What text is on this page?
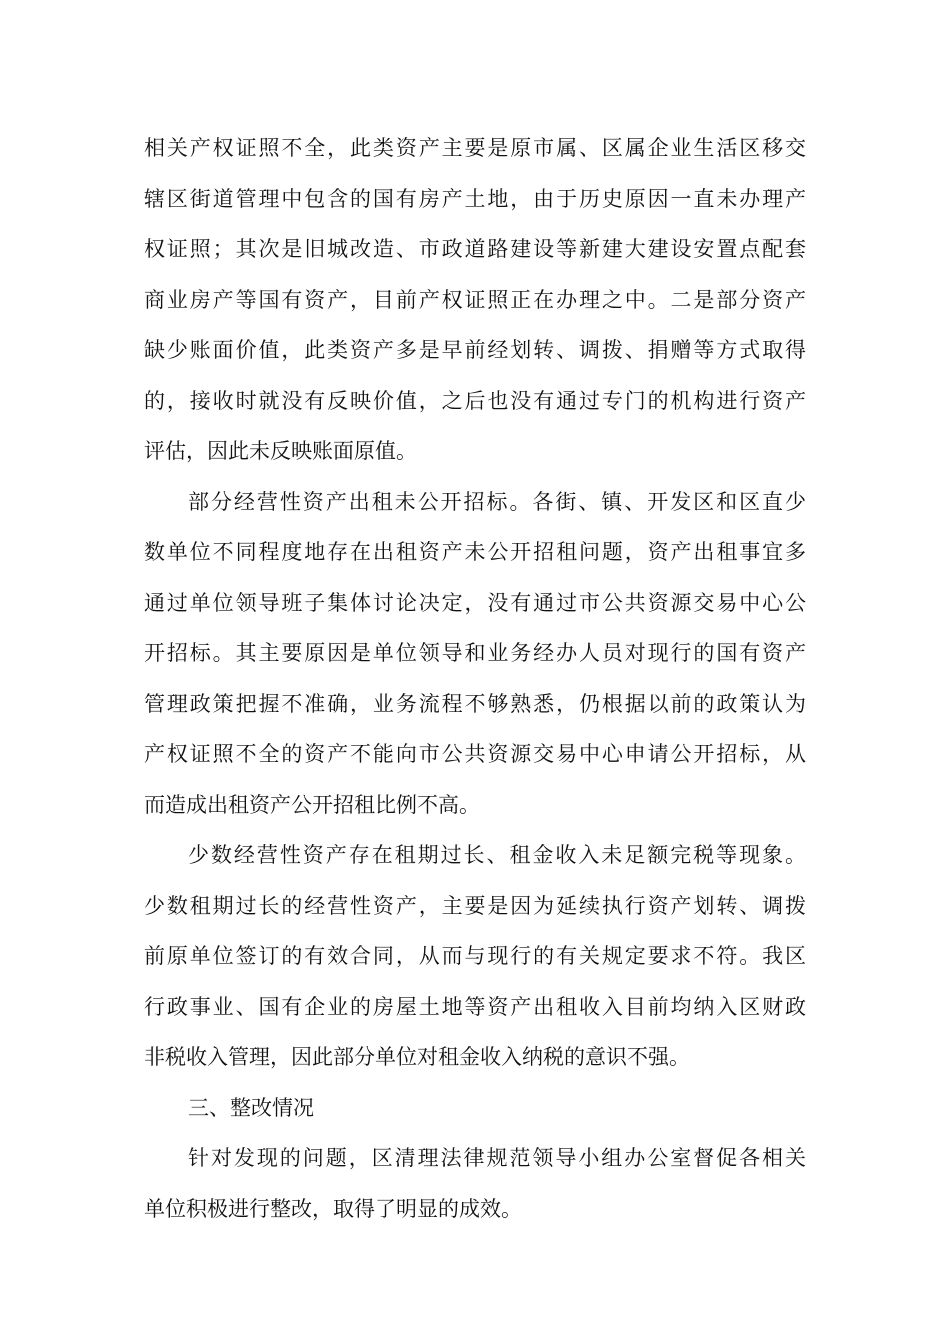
相关产权证照不全，此类资产主要是原市属、区属企业生活区移交
辖区街道管理中包含的国有房产土地，由于历史原因一直未办理产
权证照；其次是旧城改造、市政道路建设等新建大建设安置点配套
商业房产等国有资产，目前产权证照正在办理之中。二是部分资产
缺少账面价值，此类资产多是早前经划转、调拨、捐赠等方式取得
的，接收时就没有反映价值，之后也没有通过专门的机构进行资产
评估，因此未反映账面原值。
部分经营性资产出租未公开招标。各街、镇、开发区和区直少
数单位不同程度地存在出租资产未公开招租问题，资产出租事宜多
通过单位领导班子集体讨论决定，没有通过市公共资源交易中心公
开招标。其主要原因是单位领导和业务经办人员对现行的国有资产
管理政策把握不准确，业务流程不够熟悉，仍根据以前的政策认为
产权证照不全的资产不能向市公共资源交易中心申请公开招标，从
而造成出租资产公开招租比例不高。
少数经营性资产存在租期过长、租金收入未足额完税等现象。
少数租期过长的经营性资产，主要是因为延续执行资产划转、调拨
前原单位签订的有效合同，从而与现行的有关规定要求不符。我区
行政事业、国有企业的房屋土地等资产出租收入目前均纳入区财政
非税收入管理，因此部分单位对租金收入纳税的意识不强。
三、整改情况
针对发现的问题，区清理法律规范领导小组办公室督促各相关
单位积极进行整改，取得了明显的成效。
